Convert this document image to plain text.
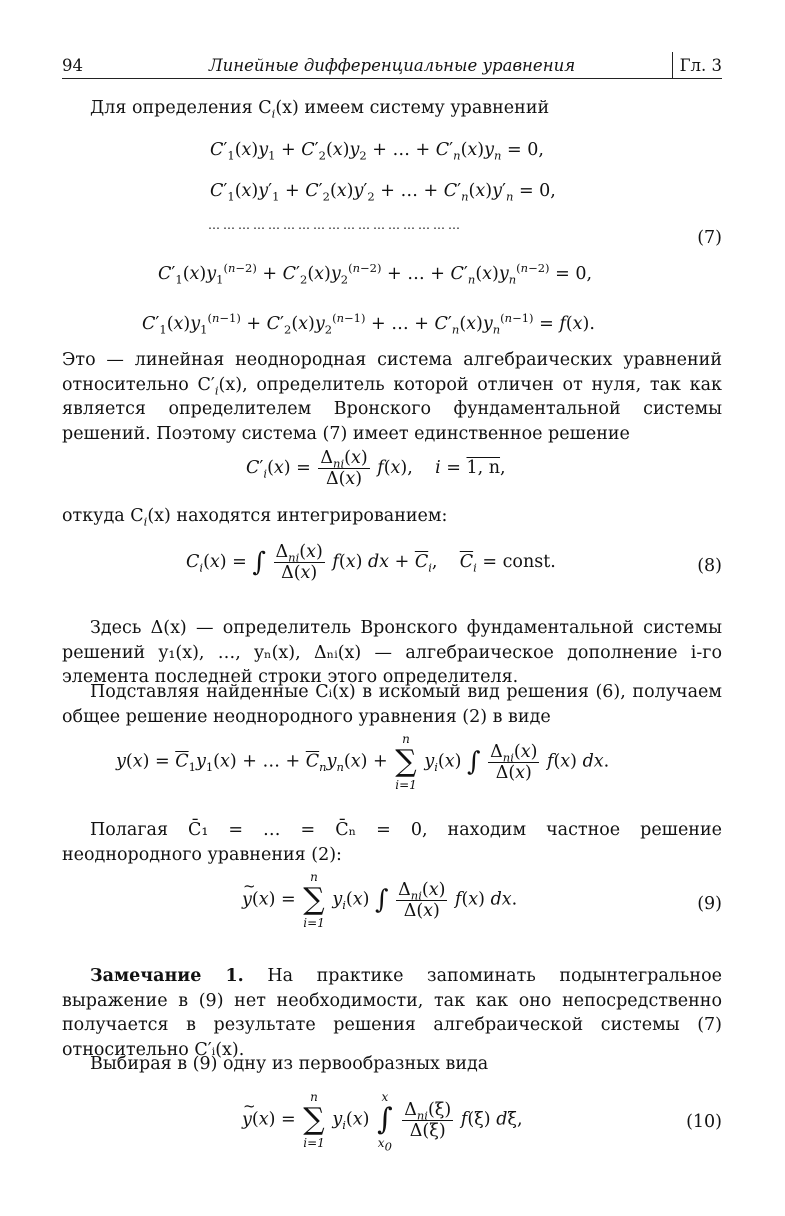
94	Линейные дифференциальные уравнения	Гл. 3
Для определения $C_i(x)$ имеем систему уравнений
$C'_1(x)y_1 + C'_2(x)y_2$ + … + $C'_n(x)y_n = 0$,
$C'_1(x)y'_1 + C'_2(x)y'_2$ + … + $C'_n(x)y'_n = 0$,
……………………………………………
(7)
$C'_1(x)y_1^{(n-2)} + C'_2(x)y_2^{(n-2)}$ + … + $C'_n(x)y_n^{(n-2)} = 0$,
$C'_1(x)y_1^{(n-1)} + C'_2(x)y_2^{(n-1)}$ + … + $C'_n(x)y_n^{(n-1)} = f(x)$.

Это — линейная неоднородная система алгебраических уравнений относительно $C'_i(x)$, определитель которой отличен от нуля, так как является определителем Вронского фундаментальной системы решений. Поэтому система (7) имеет единственное решение

$C'_i(x) = \frac{\Delta_{ni}(x)}{\Delta(x)} f(x)$,    i = 1, n,
откуда $C_i(x)$ находятся интегрированием:
$C_i(x)$ = ∫ $\frac{\Delta_{ni}(x)}{\Delta(x)} f(x)$ dx + $\overline{C}_i$,    $\overline{C}_i$ = const.	(8)

Здесь Δ(x) — определитель Вронского фундаментальной системы решений y₁(x), …, yₙ(x), Δₙᵢ(x) — алгебраическое дополнение i-го элемента последней строки этого определителя.

Подставляя найденные Cᵢ(x) в искомый вид решения (6), получаем общее решение неоднородного уравнения (2) в виде

$y(x) = \overline{C}_1y_1(x)$ + … + $\overline{C}_ny_n(x)$ +
n
∑
i=1
$y_i(x)$ ∫ $\frac{\Delta_{ni}(x)}{\Delta(x)} f(x)$ dx.

Полагая C̄₁ = … = C̄ₙ = 0, находим частное решение неоднородного уравнения (2):

~ y(x) =
n
∑
i=1
$y_i(x)$ ∫ $\frac{\Delta_{ni}(x)}{\Delta(x)} f(x)$ dx.	(9)

Замечание 1. На практике запоминать подынтегральное выражение в (9) нет необходимости, так как оно непосредственно получается в результате решения алгебраической системы (7) относительно C′ᵢ(x).

Выбирая в (9) одну из первообразных вида

~ y(x) =
n
∑
i=1
$y_i(x)$
x
∫
$x_0$

$\frac{\Delta_{ni}(\xi)}{\Delta(\xi)} f(\xi)$ dξ,	(10)
